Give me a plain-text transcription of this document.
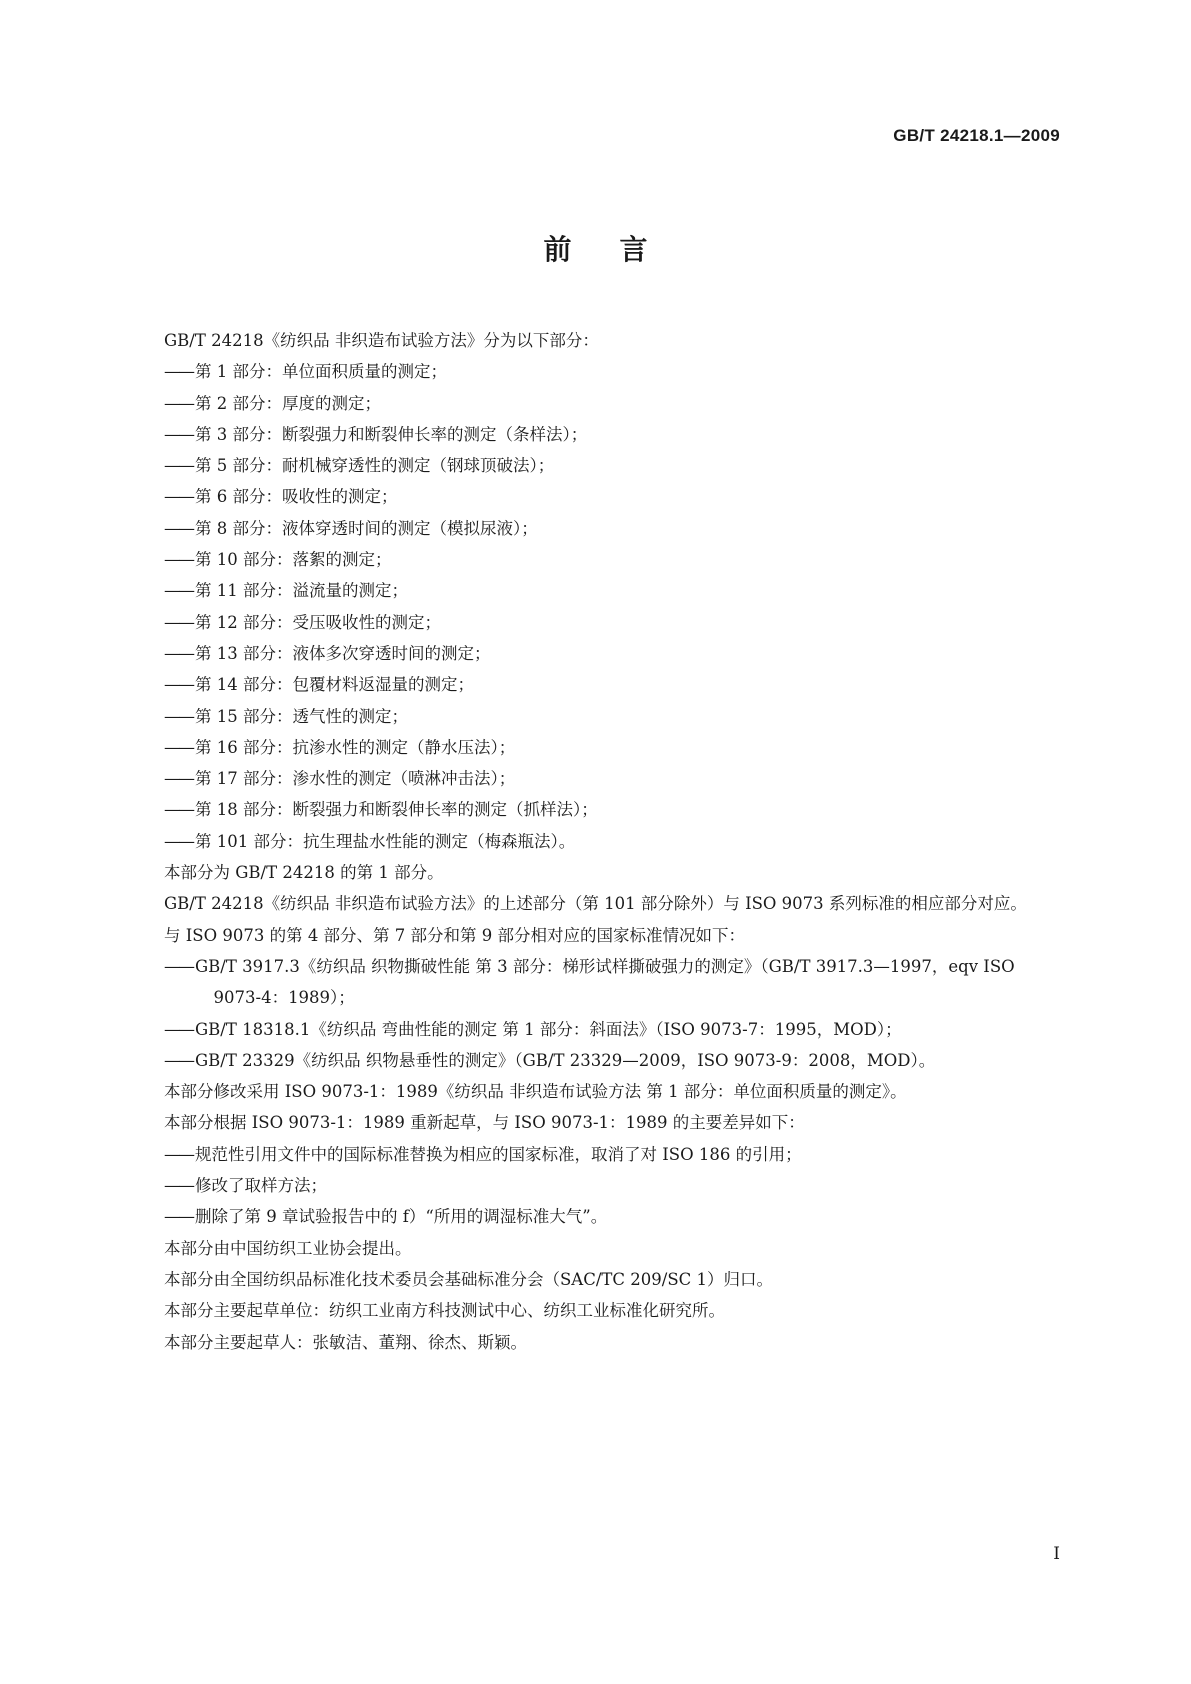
GB/T 24218.1—2009
前言

GB/T 24218《纺织品 非织造布试验方法》分为以下部分：

—— 第 1 部分：单位面积质量的测定；

—— 第 2 部分：厚度的测定；

—— 第 3 部分：断裂强力和断裂伸长率的测定（条样法）；

—— 第 5 部分：耐机械穿透性的测定（钢球顶破法）；

—— 第 6 部分：吸收性的测定；

—— 第 8 部分：液体穿透时间的测定（模拟尿液）；

—— 第 10 部分：落絮的测定；

—— 第 11 部分：溢流量的测定；

—— 第 12 部分：受压吸收性的测定；

—— 第 13 部分：液体多次穿透时间的测定；

—— 第 14 部分：包覆材料返湿量的测定；

—— 第 15 部分：透气性的测定；

—— 第 16 部分：抗渗水性的测定（静水压法）；

—— 第 17 部分：渗水性的测定（喷淋冲击法）；

—— 第 18 部分：断裂强力和断裂伸长率的测定（抓样法）；

—— 第 101 部分：抗生理盐水性能的测定（梅森瓶法）。

本部分为 GB/T 24218 的第 1 部分。

GB/T 24218《纺织品 非织造布试验方法》的上述部分（第 101 部分除外）与 ISO 9073 系列标准的相应部分对应。

与 ISO 9073 的第 4 部分、第 7 部分和第 9 部分相对应的国家标准情况如下：

—— GB/T 3917.3《纺织品 织物撕破性能 第 3 部分：梯形试样撕破强力的测定》（GB/T 3917.3—1997，eqv ISO 9073-4：1989）；

—— GB/T 18318.1《纺织品 弯曲性能的测定 第 1 部分：斜面法》（ISO 9073-7：1995，MOD）；

—— GB/T 23329《纺织品 织物悬垂性的测定》（GB/T 23329—2009，ISO 9073-9：2008，MOD）。

本部分修改采用 ISO 9073-1：1989《纺织品 非织造布试验方法 第 1 部分：单位面积质量的测定》。

本部分根据 ISO 9073-1：1989 重新起草，与 ISO 9073-1：1989 的主要差异如下：

—— 规范性引用文件中的国际标准替换为相应的国家标准，取消了对 ISO 186 的引用；

—— 修改了取样方法；

—— 删除了第 9 章试验报告中的 f）“所用的调湿标准大气”。

本部分由中国纺织工业协会提出。

本部分由全国纺织品标准化技术委员会基础标准分会（SAC/TC 209/SC 1）归口。

本部分主要起草单位：纺织工业南方科技测试中心、纺织工业标准化研究所。

本部分主要起草人：张敏洁、董翔、徐杰、斯颖。

I
